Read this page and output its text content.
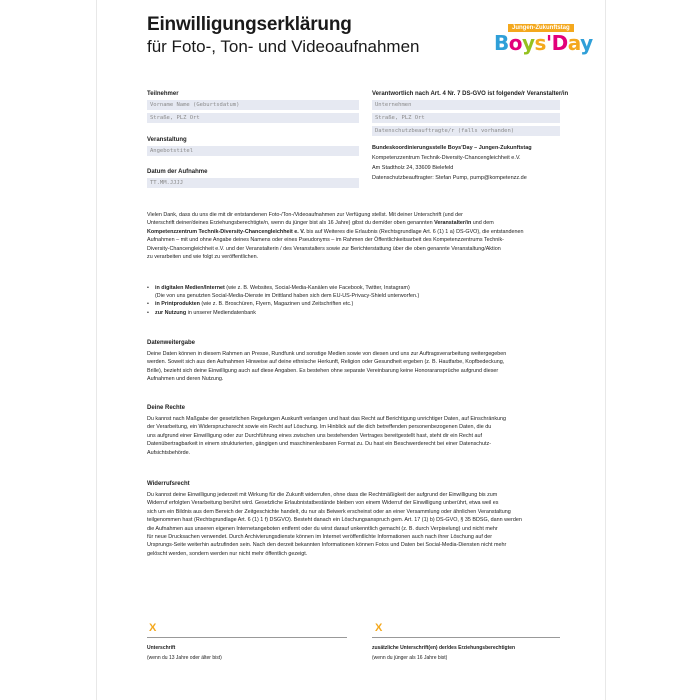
Einwilligungserklärung
für Foto-, Ton- und Videoaufnahmen
Jungen-Zukunftstag
Boys'Day
Teilnehmer
Vorname Name (Geburtsdatum)
Straße, PLZ Ort
Veranstaltung
Angebotstitel
Datum der Aufnahme
TT.MM.JJJJ
Verantwortlich nach Art. 4 Nr. 7 DS-GVO ist folgende/r Veranstalter/in
Unternehmen
Straße, PLZ Ort
Datenschutzbeauftragte/r (falls vorhanden)
Bundeskoordinierungsstelle Boys'Day – Jungen-Zukunftstag
Kompetenzzentrum Technik-Diversity-Chancengleichheit e.V.
Am Stadtholz 24, 33609 Bielefeld
Datenschutzbeauftragter: Stefan Pump, pump@kompetenzz.de

Vielen Dank, dass du uns die mit dir entstandenen Foto-/Ton-/Videoaufnahmen zur Verfügung stellst. Mit deiner Unterschrift (und der

Unterschrift deiner/deines Erziehungsberechtigte/n, wenn du jünger bist als 16 Jahre) gibst du dem/der oben genannten Veranstalter/in und dem

Kompetenzzentrum Technik-Diversity-Chancengleichheit e. V. bis auf Weiteres die Erlaubnis (Rechtsgrundlage Art. 6 (1) 1 a) DS-GVO), die entstandenen

Aufnahmen – mit und ohne Angabe deines Namens oder eines Pseudonyms – im Rahmen der Öffentlichkeitsarbeit des Kompetenzzentrums Technik-

Diversity-Chancengleichheit e.V. und der Veranstalterin / des Veranstalters sowie zur Berichterstattung über die oben genannte Veranstaltung/Aktion

zu verarbeiten und wie folgt zu veröffentlichen.

• in digitalen Medien/Internet (wie z. B. Websites, Social-Media-Kanälen wie Facebook, Twitter, Instagram)
(Die von uns genutzten Social-Media-Dienste im Drittland haben sich dem EU-US-Privacy-Shield unterworfen.)
• in Printprodukten (wie z. B. Broschüren, Flyern, Magazinen und Zeitschriften etc.)
• zur Nutzung in unserer Mediendatenbank
Datenweitergabe

Deine Daten können in diesem Rahmen an Presse, Rundfunk und sonstige Medien sowie von diesen und uns zur Auftragsverarbeitung weitergegeben

werden. Soweit sich aus den Aufnahmen Hinweise auf deine ethnische Herkunft, Religion oder Gesundheit ergeben (z. B. Hautfarbe, Kopfbedeckung,

Brille), bezieht sich deine Einwilligung auch auf diese Angaben. Es bestehen ohne separate Vereinbarung keine Honoraransprüche aufgrund dieser

Aufnahmen und deren Nutzung.

Deine Rechte

Du kannst nach Maßgabe der gesetzlichen Regelungen Auskunft verlangen und hast das Recht auf Berichtigung unrichtiger Daten, auf Einschränkung

der Verarbeitung, ein Widerspruchsrecht sowie ein Recht auf Löschung. Im Hinblick auf die dich betreffenden personenbezogenen Daten, die du

uns aufgrund einer Einwilligung oder zur Durchführung eines zwischen uns bestehenden Vertrages bereitgestellt hast, steht dir ein Recht auf

Datenübertragbarkeit in einem strukturierten, gängigen und maschinenlesbaren Format zu. Du hast ein Beschwerderecht bei einer Datenschutz-

Aufsichtsbehörde.

Widerrufsrecht

Du kannst deine Einwilligung jederzeit mit Wirkung für die Zukunft widerrufen, ohne dass die Rechtmäßigkeit der aufgrund der Einwilligung bis zum

Widerruf erfolgten Verarbeitung berührt wird. Gesetzliche Erlaubnistatbestände bleiben von einem Widerruf der Einwilligung unberührt, etwa weil es

sich um ein Bildnis aus dem Bereich der Zeitgeschichte handelt, du nur als Beiwerk erscheinst oder an einer Versammlung oder ähnlichen Veranstaltung

teilgenommen hast (Rechtsgrundlage Art. 6 (1) 1 f) DSGVO). Besteht danach ein Löschungsanspruch gem. Art. 17 (1) b) DS-GVO, § 35 BDSG, dann werden

die Aufnahmen aus unseren eigenen Internetangeboten entfernt oder du wirst darauf unkenntlich gemacht (z. B. durch Verpixelung) und nicht mehr

für neue Drucksachen verwendet. Durch Archivierungsdienste können im Internet veröffentlichte Informationen auch nach ihrer Löschung auf der

Ursprungs-Seite weiterhin aufzufinden sein. Nach den derzeit bekannten Informationen können Fotos und Daten bei Social-Media-Diensten nicht mehr

gelöscht werden, sondern werden nur nicht mehr öffentlich gezeigt.

X
Unterschrift
(wenn du 13 Jahre oder älter bist)
X
zusätzliche Unterschrift(en) der/des Erziehungsberechtigten
(wenn du jünger als 16 Jahre bist)
